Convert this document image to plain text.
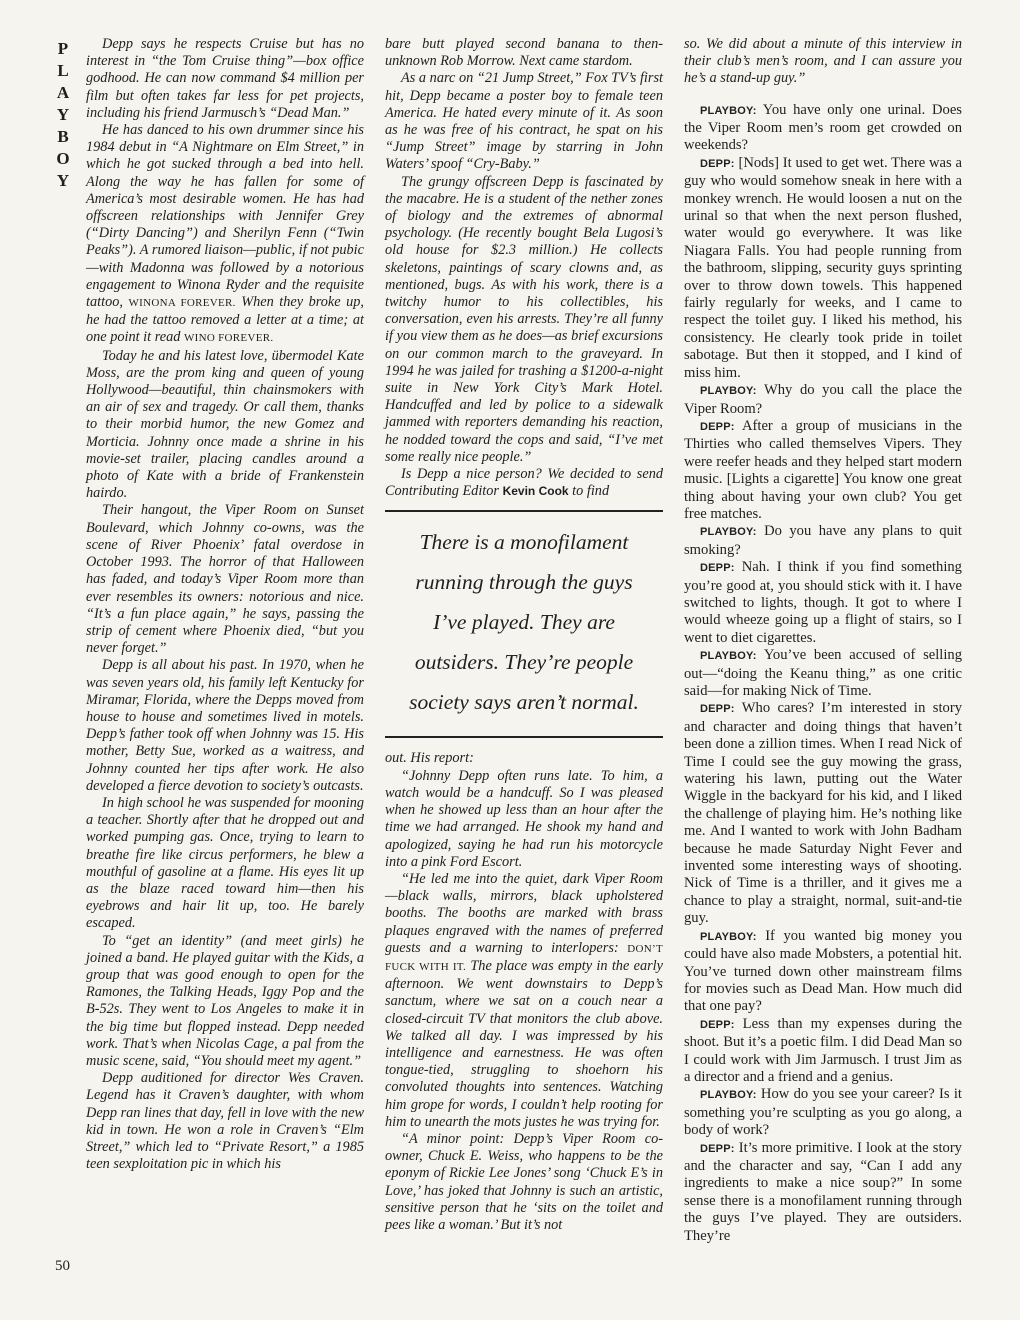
P
L
A
Y
B
O
Y
50

Depp says he respects Cruise but has no interest in “the Tom Cruise thing”—box office godhood. He can now command $4 million per film but often takes far less for pet projects, including his friend Jarmusch’s “Dead Man.”

He has danced to his own drummer since his 1984 debut in “A Nightmare on Elm Street,” in which he got sucked through a bed into hell. Along the way he has fallen for some of America’s most desirable women. He has had offscreen relationships with Jennifer Grey (“Dirty Dancing”) and Sherilyn Fenn (“Twin Peaks”). A rumored liaison—public, if not pubic—with Madonna was followed by a notorious engagement to Winona Ryder and the requisite tattoo, WINONA FOREVER. When they broke up, he had the tattoo removed a letter at a time; at one point it read WINO FOREVER.

Today he and his latest love, übermodel Kate Moss, are the prom king and queen of young Hollywood—beautiful, thin chainsmokers with an air of sex and tragedy. Or call them, thanks to their morbid humor, the new Gomez and Morticia. Johnny once made a shrine in his movie-set trailer, placing candles around a photo of Kate with a bride of Frankenstein hairdo.

Their hangout, the Viper Room on Sunset Boulevard, which Johnny co-owns, was the scene of River Phoenix’ fatal overdose in October 1993. The horror of that Halloween has faded, and today’s Viper Room more than ever resembles its owners: notorious and nice. “It’s a fun place again,” he says, passing the strip of cement where Phoenix died, “but you never forget.”

Depp is all about his past. In 1970, when he was seven years old, his family left Kentucky for Miramar, Florida, where the Depps moved from house to house and sometimes lived in motels. Depp’s father took off when Johnny was 15. His mother, Betty Sue, worked as a waitress, and Johnny counted her tips after work. He also developed a fierce devotion to society’s outcasts.

In high school he was suspended for mooning a teacher. Shortly after that he dropped out and worked pumping gas. Once, trying to learn to breathe fire like circus performers, he blew a mouthful of gasoline at a flame. His eyes lit up as the blaze raced toward him—then his eyebrows and hair lit up, too. He barely escaped.

To “get an identity” (and meet girls) he joined a band. He played guitar with the Kids, a group that was good enough to open for the Ramones, the Talking Heads, Iggy Pop and the B-52s. They went to Los Angeles to make it in the big time but flopped instead. Depp needed work. That’s when Nicolas Cage, a pal from the music scene, said, “You should meet my agent.”

Depp auditioned for director Wes Craven. Legend has it Craven’s daughter, with whom Depp ran lines that day, fell in love with the new kid in town. He won a role in Craven’s “Elm Street,” which led to “Private Resort,” a 1985 teen sexploitation pic in which his

bare butt played second banana to then-unknown Rob Morrow. Next came stardom.

As a narc on “21 Jump Street,” Fox TV’s first hit, Depp became a poster boy to female teen America. He hated every minute of it. As soon as he was free of his contract, he spat on his “Jump Street” image by starring in John Waters’ spoof “Cry-Baby.”

The grungy offscreen Depp is fascinated by the macabre. He is a student of the nether zones of biology and the extremes of abnormal psychology. (He recently bought Bela Lugosi’s old house for $2.3 million.) He collects skeletons, paintings of scary clowns and, as mentioned, bugs. As with his work, there is a twitchy humor to his collectibles, his conversation, even his arrests. They’re all funny if you view them as he does—as brief excursions on our common march to the graveyard. In 1994 he was jailed for trashing a $1200-a-night suite in New York City’s Mark Hotel. Handcuffed and led by police to a sidewalk jammed with reporters demanding his reaction, he nodded toward the cops and said, “I’ve met some really nice people.”

Is Depp a nice person? We decided to send Contributing Editor Kevin Cook to find

There is a monofilament
running through the guys
I’ve played. They are
outsiders. They’re people
society says aren’t normal.

out. His report:

“Johnny Depp often runs late. To him, a watch would be a handcuff. So I was pleased when he showed up less than an hour after the time we had arranged. He shook my hand and apologized, saying he had run his motorcycle into a pink Ford Escort.

“He led me into the quiet, dark Viper Room—black walls, mirrors, black upholstered booths. The booths are marked with brass plaques engraved with the names of preferred guests and a warning to interlopers: DON’T FUCK WITH IT. The place was empty in the early afternoon. We went downstairs to Depp’s sanctum, where we sat on a couch near a closed-circuit TV that monitors the club above. We talked all day. I was impressed by his intelligence and earnestness. He was often tongue-tied, struggling to shoehorn his convoluted thoughts into sentences. Watching him grope for words, I couldn’t help rooting for him to unearth the mots justes he was trying for.

“A minor point: Depp’s Viper Room co-owner, Chuck E. Weiss, who happens to be the eponym of Rickie Lee Jones’ song ‘Chuck E’s in Love,’ has joked that Johnny is such an artistic, sensitive person that he ‘sits on the toilet and pees like a woman.’ But it’s not

so. We did about a minute of this interview in their club’s men’s room, and I can assure you he’s a stand-up guy.”

PLAYBOY: You have only one urinal. Does the Viper Room men’s room get crowded on weekends?

DEPP: [Nods] It used to get wet. There was a guy who would somehow sneak in here with a monkey wrench. He would loosen a nut on the urinal so that when the next person flushed, water would go everywhere. It was like Niagara Falls. You had people running from the bathroom, slipping, security guys sprinting over to throw down towels. This happened fairly regularly for weeks, and I came to respect the toilet guy. I liked his method, his consistency. He clearly took pride in toilet sabotage. But then it stopped, and I kind of miss him.

PLAYBOY: Why do you call the place the Viper Room?

DEPP: After a group of musicians in the Thirties who called themselves Vipers. They were reefer heads and they helped start modern music. [Lights a cigarette] You know one great thing about having your own club? You get free matches.

PLAYBOY: Do you have any plans to quit smoking?

DEPP: Nah. I think if you find something you’re good at, you should stick with it. I have switched to lights, though. It got to where I would wheeze going up a flight of stairs, so I went to diet cigarettes.

PLAYBOY: You’ve been accused of selling out—“doing the Keanu thing,” as one critic said—for making Nick of Time.

DEPP: Who cares? I’m interested in story and character and doing things that haven’t been done a zillion times. When I read Nick of Time I could see the guy mowing the grass, watering his lawn, putting out the Water Wiggle in the backyard for his kid, and I liked the challenge of playing him. He’s nothing like me. And I wanted to work with John Badham because he made Saturday Night Fever and invented some interesting ways of shooting. Nick of Time is a thriller, and it gives me a chance to play a straight, normal, suit-and-tie guy.

PLAYBOY: If you wanted big money you could have also made Mobsters, a potential hit. You’ve turned down other mainstream films for movies such as Dead Man. How much did that one pay?

DEPP: Less than my expenses during the shoot. But it’s a poetic film. I did Dead Man so I could work with Jim Jarmusch. I trust Jim as a director and a friend and a genius.

PLAYBOY: How do you see your career? Is it something you’re sculpting as you go along, a body of work?

DEPP: It’s more primitive. I look at the story and the character and say, “Can I add any ingredients to make a nice soup?” In some sense there is a monofilament running through the guys I’ve played. They are outsiders. They’re
